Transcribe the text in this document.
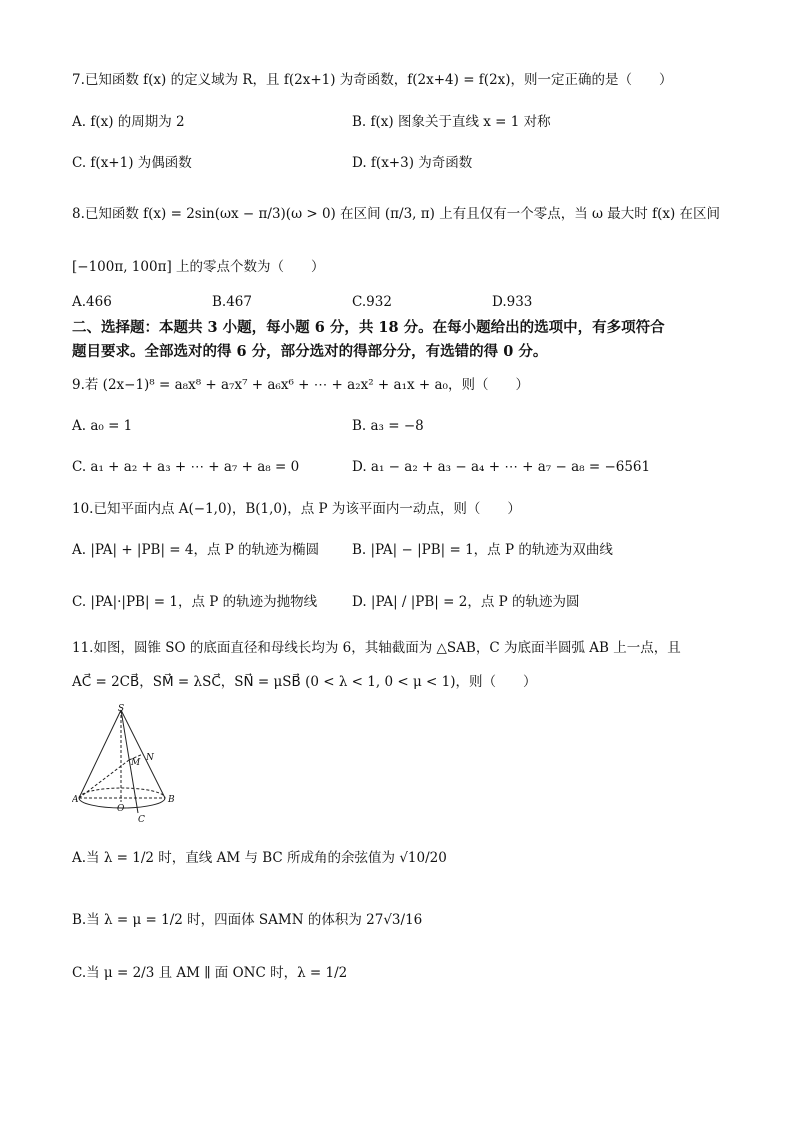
7.已知函数 f(x) 的定义域为 R，且 f(2x+1) 为奇函数，f(2x+4) = f(2x)，则一定正确的是（　　）
A. f(x) 的周期为 2	B. f(x) 图象关于直线 x = 1 对称
C. f(x+1) 为偶函数	D. f(x+3) 为奇函数
8.已知函数 f(x) = 2sin(ωx − π/3)(ω > 0) 在区间 (π/3, π) 上有且仅有一个零点，当 ω 最大时 f(x) 在区间
[−100π, 100π] 上的零点个数为（　　）
A.466	B.467	C.932	D.933
二、选择题：本题共 3 小题，每小题 6 分，共 18 分。在每小题给出的选项中，有多项符合
题目要求。全部选对的得 6 分，部分选对的得部分分，有选错的得 0 分。
9.若 (2x−1)⁸ = a₈x⁸ + a₇x⁷ + a₆x⁶ + ⋯ + a₂x² + a₁x + a₀，则（　　）
A. a₀ = 1	B. a₃ = −8
C. a₁ + a₂ + a₃ + ⋯ + a₇ + a₈ = 0	D. a₁ − a₂ + a₃ − a₄ + ⋯ + a₇ − a₈ = −6561
10.已知平面内点 A(−1,0)，B(1,0)，点 P 为该平面内一动点，则（　　）
A. |PA| + |PB| = 4，点 P 的轨迹为椭圆 B. |PA| − |PB| = 1，点 P 的轨迹为双曲线
C. |PA|·|PB| = 1，点 P 的轨迹为抛物线	D. |PA| / |PB| = 2，点 P 的轨迹为圆
11.如图，圆锥 SO 的底面直径和母线长均为 6，其轴截面为 △SAB，C 为底面半圆弧 AB 上一点，且
AC⃗ = 2CB⃗，SM⃗ = λSC⃗，SN⃗ = μSB⃗ (0 < λ < 1, 0 < μ < 1)，则（　　）
S
M N
A
O
B
C
A.当 λ = 1/2 时，直线 AM 与 BC 所成角的余弦值为 √10/20
B.当 λ = μ = 1/2 时，四面体 SAMN 的体积为 27√3/16
C.当 μ = 2/3 且 AM ∥ 面 ONC 时，λ = 1/2
